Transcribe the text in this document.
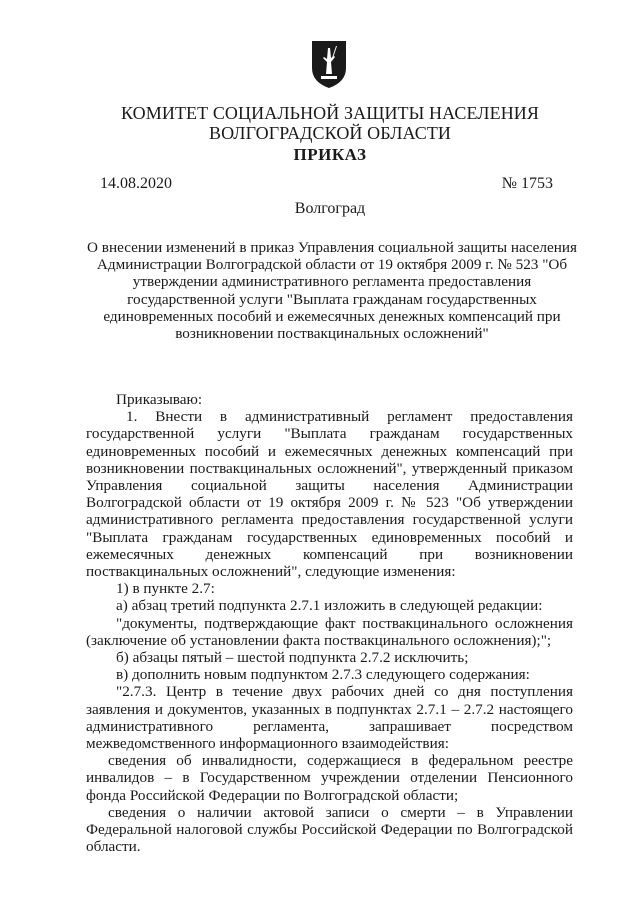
КОМИТЕТ СОЦИАЛЬНОЙ ЗАЩИТЫ НАСЕЛЕНИЯ
ВОЛГОГРАДСКОЙ ОБЛАСТИ
ПРИКАЗ
14.08.2020	№ 1753
Волгоград
О внесении изменений в приказ Управления социальной защиты населения
Администрации Волгоградской области от 19 октября 2009 г. № 523 "Об
утверждении административного регламента предоставления
государственной услуги "Выплата гражданам государственных
единовременных пособий и ежемесячных денежных компенсаций при
возникновении поствакцинальных осложнений"

Приказываю:

1. Внести в административный регламент предоставления государственной услуги "Выплата гражданам государственных единовременных пособий и ежемесячных денежных компенсаций при возникновении поствакцинальных осложнений", утвержденный приказом Управления социальной защиты населения Администрации Волгоградской области от 19 октября 2009 г. № 523 "Об утверждении административного регламента предоставления государственной услуги "Выплата гражданам государственных единовременных пособий и ежемесячных денежных компенсаций при возникновении поствакцинальных осложнений", следующие изменения:

1) в пункте 2.7:

а) абзац третий подпункта 2.7.1 изложить в следующей редакции:

"документы, подтверждающие факт поствакцинального осложнения (заключение об установлении факта поствакцинального осложнения);";

б) абзацы пятый – шестой подпункта 2.7.2 исключить;

в) дополнить новым подпунктом 2.7.3 следующего содержания:

"2.7.3. Центр в течение двух рабочих дней со дня поступления заявления и документов, указанных в подпунктах 2.7.1 – 2.7.2 настоящего административного регламента, запрашивает посредством межведомственного информационного взаимодействия:

сведения об инвалидности, содержащиеся в федеральном реестре инвалидов – в Государственном учреждении отделении Пенсионного фонда Российской Федерации по Волгоградской области;

сведения о наличии актовой записи о смерти – в Управлении Федеральной налоговой службы Российской Федерации по Волгоградской области.
